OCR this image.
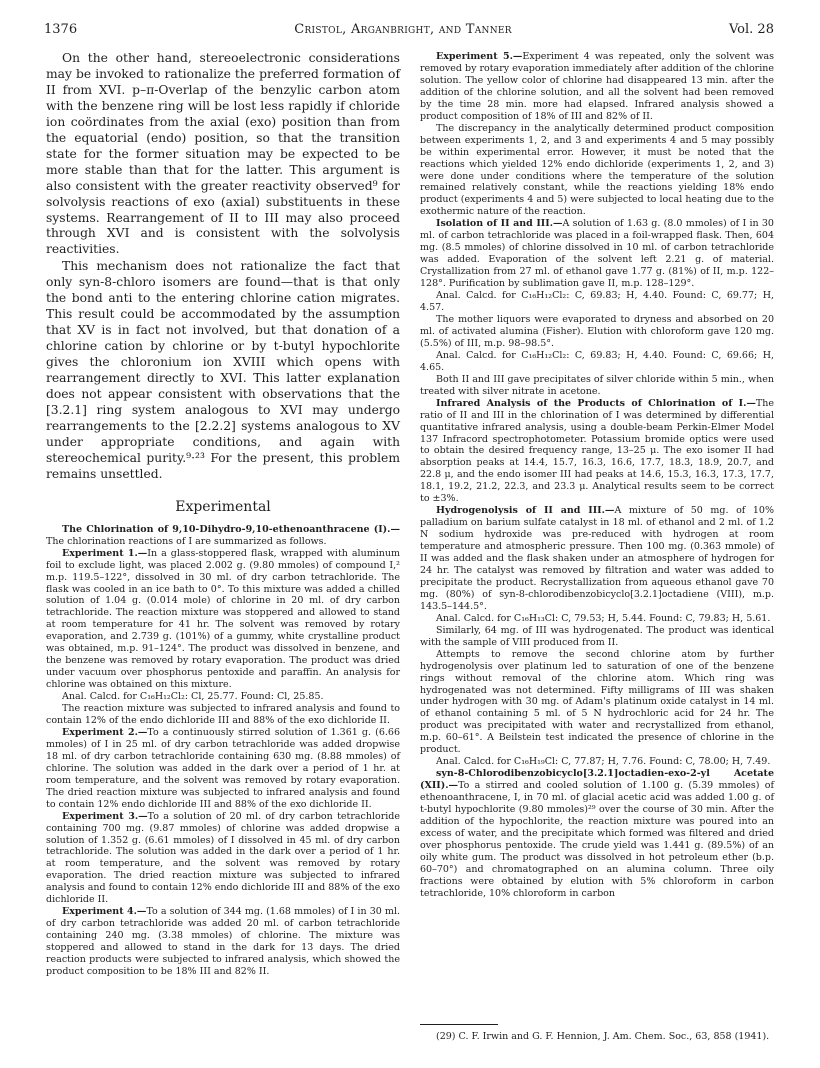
1376	Cristol, Arganbright, and Tanner	Vol. 28

On the other hand, stereoelectronic considerations may be invoked to rationalize the preferred formation of II from XVI. p–π-Overlap of the benzylic carbon atom with the benzene ring will be lost less rapidly if chloride ion coördinates from the axial (exo) position than from the equatorial (endo) position, so that the transition state for the former situation may be expected to be more stable than that for the latter. This argument is also consistent with the greater reactivity observed⁹ for solvolysis reactions of exo (axial) substituents in these systems. Rearrangement of II to III may also proceed through XVI and is consistent with the solvolysis reactivities.

This mechanism does not rationalize the fact that only syn-8-chloro isomers are found—that is that only the bond anti to the entering chlorine cation migrates. This result could be accommodated by the assumption that XV is in fact not involved, but that donation of a chlorine cation by chlorine or by t-butyl hypochlorite gives the chloronium ion XVIII which opens with rearrangement directly to XVI. This latter explanation does not appear consistent with observations that the [3.2.1] ring system analogous to XVI may undergo rearrangements to the [2.2.2] systems analogous to XV under appropriate conditions, and again with stereochemical purity.⁹·²³ For the present, this problem remains unsettled.

Experimental

The Chlorination of 9,10-Dihydro-9,10-ethenoanthracene (I).—The chlorination reactions of I are summarized as follows.

Experiment 1.—In a glass-stoppered flask, wrapped with aluminum foil to exclude light, was placed 2.002 g. (9.80 mmoles) of compound I,² m.p. 119.5–122°, dissolved in 30 ml. of dry carbon tetrachloride. The flask was cooled in an ice bath to 0°. To this mixture was added a chilled solution of 1.04 g. (0.014 mole) of chlorine in 20 ml. of dry carbon tetrachloride. The reaction mixture was stoppered and allowed to stand at room temperature for 41 hr. The solvent was removed by rotary evaporation, and 2.739 g. (101%) of a gummy, white crystalline product was obtained, m.p. 91–124°. The product was dissolved in benzene, and the benzene was removed by rotary evaporation. The product was dried under vacuum over phosphorus pentoxide and paraffin. An analysis for chlorine was obtained on this mixture.

Anal. Calcd. for C₁₆H₁₂Cl₂: Cl, 25.77. Found: Cl, 25.85.

The reaction mixture was subjected to infrared analysis and found to contain 12% of the endo dichloride III and 88% of the exo dichloride II.

Experiment 2.—To a continuously stirred solution of 1.361 g. (6.66 mmoles) of I in 25 ml. of dry carbon tetrachloride was added dropwise 18 ml. of dry carbon tetrachloride containing 630 mg. (8.88 mmoles) of chlorine. The solution was added in the dark over a period of 1 hr. at room temperature, and the solvent was removed by rotary evaporation. The dried reaction mixture was subjected to infrared analysis and found to contain 12% endo dichloride III and 88% of the exo dichloride II.

Experiment 3.—To a solution of 20 ml. of dry carbon tetrachloride containing 700 mg. (9.87 mmoles) of chlorine was added dropwise a solution of 1.352 g. (6.61 mmoles) of I dissolved in 45 ml. of dry carbon tetrachloride. The solution was added in the dark over a period of 1 hr. at room temperature, and the solvent was removed by rotary evaporation. The dried reaction mixture was subjected to infrared analysis and found to contain 12% endo dichloride III and 88% of the exo dichloride II.

Experiment 4.—To a solution of 344 mg. (1.68 mmoles) of I in 30 ml. of dry carbon tetrachloride was added 20 ml. of carbon tetrachloride containing 240 mg. (3.38 mmoles) of chlorine. The mixture was stoppered and allowed to stand in the dark for 13 days. The dried reaction products were subjected to infrared analysis, which showed the product composition to be 18% III and 82% II.

Experiment 5.—Experiment 4 was repeated, only the solvent was removed by rotary evaporation immediately after addition of the chlorine solution. The yellow color of chlorine had disappeared 13 min. after the addition of the chlorine solution, and all the solvent had been removed by the time 28 min. more had elapsed. Infrared analysis showed a product composition of 18% of III and 82% of II.

The discrepancy in the analytically determined product composition between experiments 1, 2, and 3 and experiments 4 and 5 may possibly be within experimental error. However, it must be noted that the reactions which yielded 12% endo dichloride (experiments 1, 2, and 3) were done under conditions where the temperature of the solution remained relatively constant, while the reactions yielding 18% endo product (experiments 4 and 5) were subjected to local heating due to the exothermic nature of the reaction.

Isolation of II and III.—A solution of 1.63 g. (8.0 mmoles) of I in 30 ml. of carbon tetrachloride was placed in a foil-wrapped flask. Then, 604 mg. (8.5 mmoles) of chlorine dissolved in 10 ml. of carbon tetrachloride was added. Evaporation of the solvent left 2.21 g. of material. Crystallization from 27 ml. of ethanol gave 1.77 g. (81%) of II, m.p. 122–128°. Purification by sublimation gave II, m.p. 128–129°.

Anal. Calcd. for C₁₆H₁₂Cl₂: C, 69.83; H, 4.40. Found: C, 69.77; H, 4.57.

The mother liquors were evaporated to dryness and absorbed on 20 ml. of activated alumina (Fisher). Elution with chloroform gave 120 mg. (5.5%) of III, m.p. 98–98.5°.

Anal. Calcd. for C₁₆H₁₂Cl₂: C, 69.83; H, 4.40. Found: C, 69.66; H, 4.65.

Both II and III gave precipitates of silver chloride within 5 min., when treated with silver nitrate in acetone.

Infrared Analysis of the Products of Chlorination of I.—The ratio of II and III in the chlorination of I was determined by differential quantitative infrared analysis, using a double-beam Perkin-Elmer Model 137 Infracord spectrophotometer. Potassium bromide optics were used to obtain the desired frequency range, 13–25 μ. The exo isomer II had absorption peaks at 14.4, 15.7, 16.3, 16.6, 17.7, 18.3, 18.9, 20.7, and 22.8 μ, and the endo isomer III had peaks at 14.6, 15.3, 16.3, 17.3, 17.7, 18.1, 19.2, 21.2, 22.3, and 23.3 μ. Analytical results seem to be correct to ±3%.

Hydrogenolysis of II and III.—A mixture of 50 mg. of 10% palladium on barium sulfate catalyst in 18 ml. of ethanol and 2 ml. of 1.2 N sodium hydroxide was pre-reduced with hydrogen at room temperature and atmospheric pressure. Then 100 mg. (0.363 mmole) of II was added and the flask shaken under an atmosphere of hydrogen for 24 hr. The catalyst was removed by filtration and water was added to precipitate the product. Recrystallization from aqueous ethanol gave 70 mg. (80%) of syn-8-chlorodibenzobicyclo[3.2.1]octadiene (VIII), m.p. 143.5–144.5°.

Anal. Calcd. for C₁₆H₁₃Cl: C, 79.53; H, 5.44. Found: C, 79.83; H, 5.61.

Similarly, 64 mg. of III was hydrogenated. The product was identical with the sample of VIII produced from II.

Attempts to remove the second chlorine atom by further hydrogenolysis over platinum led to saturation of one of the benzene rings without removal of the chlorine atom. Which ring was hydrogenated was not determined. Fifty milligrams of III was shaken under hydrogen with 30 mg. of Adam's platinum oxide catalyst in 14 ml. of ethanol containing 5 ml. of 5 N hydrochloric acid for 24 hr. The product was precipitated with water and recrystallized from ethanol, m.p. 60–61°. A Beilstein test indicated the presence of chlorine in the product.

Anal. Calcd. for C₁₆H₁₉Cl: C, 77.87; H, 7.76. Found: C, 78.00; H, 7.49.

syn-8-Chlorodibenzobicyclo[3.2.1]octadien-exo-2-yl Acetate (XII).—To a stirred and cooled solution of 1.100 g. (5.39 mmoles) of ethenoanthracene, I, in 70 ml. of glacial acetic acid was added 1.00 g. of t-butyl hypochlorite (9.80 mmoles)²⁹ over the course of 30 min. After the addition of the hypochlorite, the reaction mixture was poured into an excess of water, and the precipitate which formed was filtered and dried over phosphorus pentoxide. The crude yield was 1.441 g. (89.5%) of an oily white gum. The product was dissolved in hot petroleum ether (b.p. 60–70°) and chromatographed on an alumina column. Three oily fractions were obtained by elution with 5% chloroform in carbon tetrachloride, 10% chloroform in carbon

(29) C. F. Irwin and G. F. Hennion, J. Am. Chem. Soc., 63, 858 (1941).
